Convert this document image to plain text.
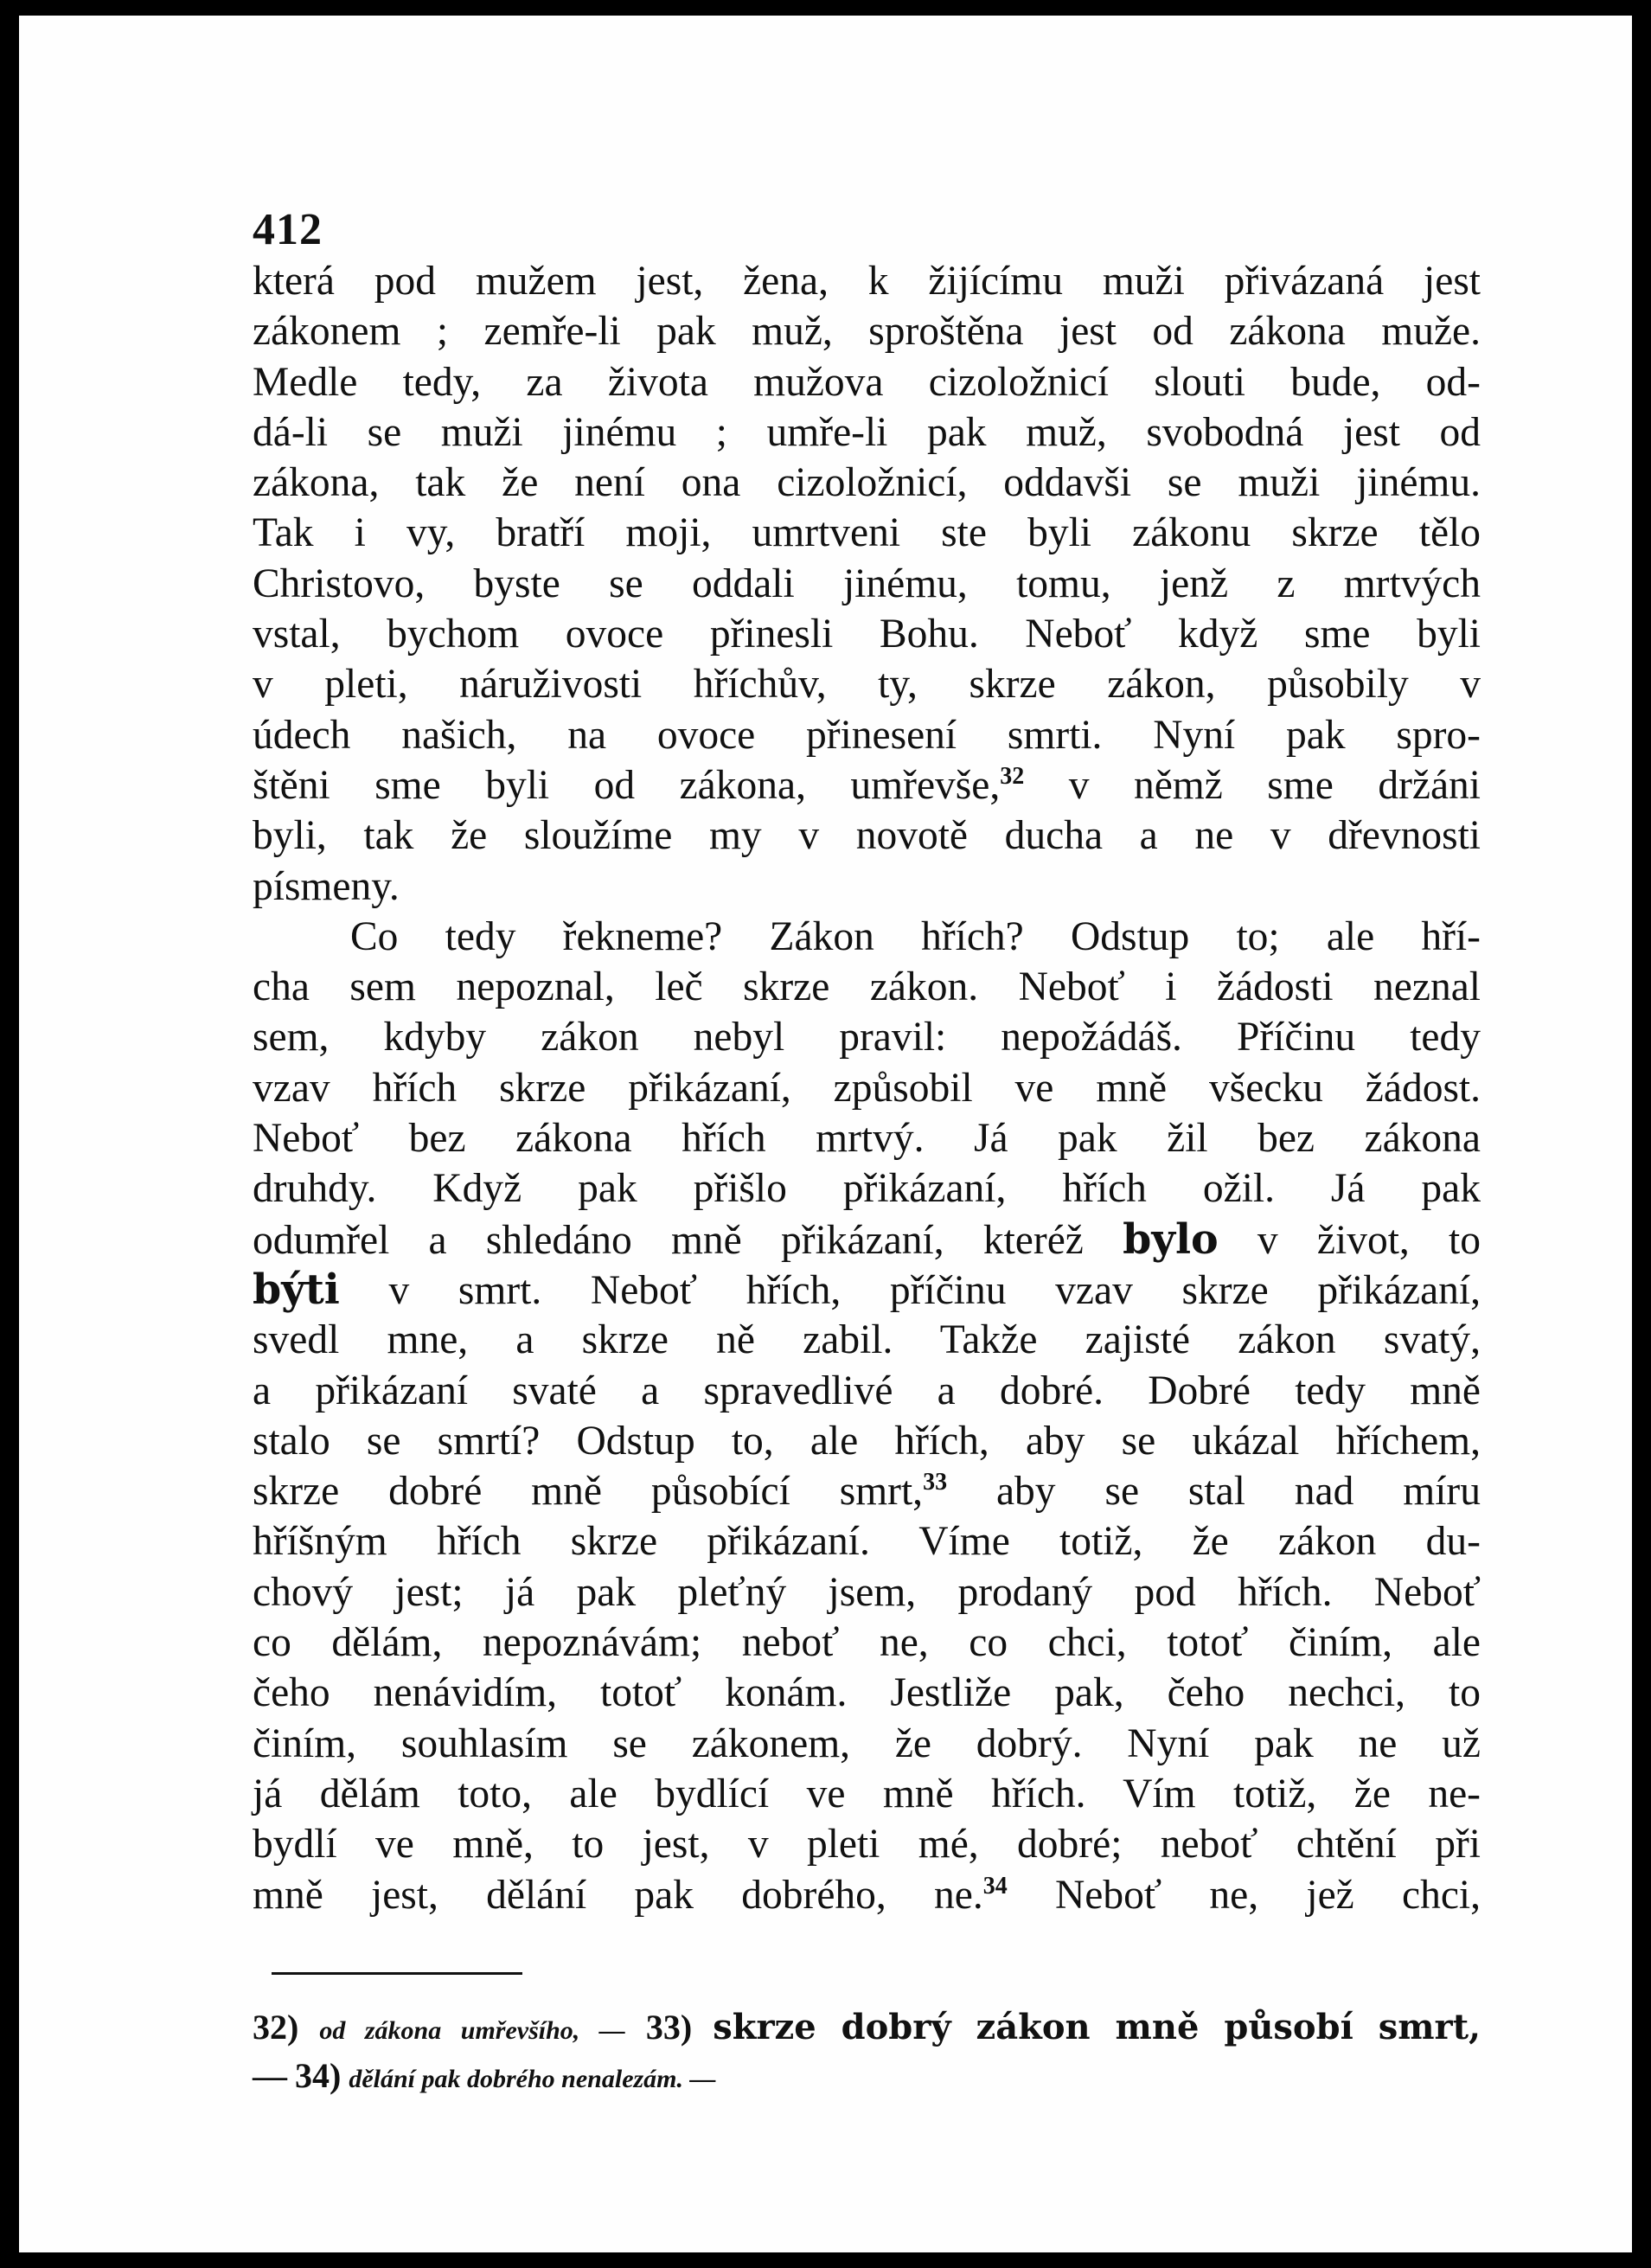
412
která pod mužem jest, žena, k žijícímu muži přivázaná jest
zákonem ; zemře-li pak muž, sproštěna jest od zákona muže.
Medle tedy, za života mužova cizoložnicí slouti bude, od-
dá-li se muži jinému ; umře-li pak muž, svobodná jest od
zákona, tak že není ona cizoložnicí, oddavši se muži jinému.
Tak i vy, bratří moji, umrtveni ste byli zákonu skrze tělo
Christovo, byste se oddali jinému, tomu, jenž z mrtvých
vstal, bychom ovoce přinesli Bohu. Neboť když sme byli
v pleti, náruživosti hříchův, ty, skrze zákon, působily v
údech našich, na ovoce přinesení smrti. Nyní pak spro-
štěni sme byli od zákona, umřevše,$^{32}$ v němž sme držáni
byli, tak že sloužíme my v novotě ducha a ne v dřevnosti
písmeny.
Co tedy řekneme? Zákon hřích? Odstup to; ale hří-
cha sem nepoznal, leč skrze zákon. Neboť i žádosti neznal
sem, kdyby zákon nebyl pravil: nepožádáš. Příčinu tedy
vzav hřích skrze přikázaní, způsobil ve mně všecku žádost.
Neboť bez zákona hřích mrtvý. Já pak žil bez zákona
druhdy. Když pak přišlo přikázaní, hřích ožil. Já pak
odumřel a shledáno mně přikázaní, kteréž bylo v život, to
býti v smrt. Neboť hřích, příčinu vzav skrze přikázaní,
svedl mne, a skrze ně zabil. Takže zajisté zákon svatý,
a přikázaní svaté a spravedlivé a dobré. Dobré tedy mně
stalo se smrtí? Odstup to, ale hřích, aby se ukázal hříchem,
skrze dobré mně působící smrt,$^{33}$ aby se stal nad míru
hříšným hřích skrze přikázaní. Víme totiž, že zákon du-
chový jest; já pak pleťný jsem, prodaný pod hřích. Neboť
co dělám, nepoznávám; neboť ne, co chci, totoť činím, ale
čeho nenávidím, totoť konám. Jestliže pak, čeho nechci, to
činím, souhlasím se zákonem, že dobrý. Nyní pak ne už
já dělám toto, ale bydlící ve mně hřích. Vím totiž, že ne-
bydlí ve mně, to jest, v pleti mé, dobré; neboť chtění při
mně jest, dělání pak dobrého, ne.$^{34}$ Neboť ne, jež chci,
32) od zákona umřevšího, — 33) skrze dobrý zákon mně působí smrt,
— 34) dělání pak dobrého nenalezám. —
